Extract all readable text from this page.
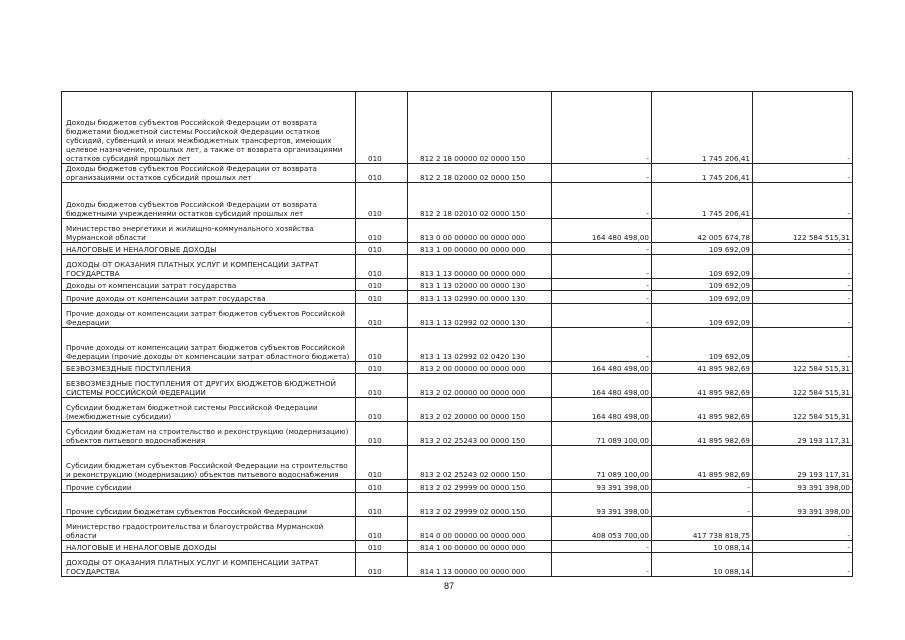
Доходы бюджетов субъектов Российской Федерации от возврата бюджетами бюджетной системы Российской Федерации остатков субсидий, субвенций и иных межбюджетных трансфертов, имеющих целевое назначение, прошлых лет, а также от возврата организациями остатков субсидий прошлых лет	010	812 2 18 00000 02 0000 150	-	1 745 206,41	-
Доходы бюджетов субъектов Российской Федерации от возврата организациями остатков субсидий прошлых лет	010	812 2 18 02000 02 0000 150	-	1 745 206,41	-
Доходы бюджетов субъектов Российской Федерации от возврата бюджетными учреждениями остатков субсидий прошлых лет	010	812 2 18 02010 02 0000 150	-	1 745 206,41	-
Министерство энергетики и жилищно-коммунального хозяйства Мурманской области	010	813 0 00 00000 00 0000 000	164 480 498,00	42 005 674,78	122 584 515,31
НАЛОГОВЫЕ И НЕНАЛОГОВЫЕ ДОХОДЫ	010	813 1 00 00000 00 0000 000	-	109 692,09	-
ДОХОДЫ ОТ ОКАЗАНИЯ ПЛАТНЫХ УСЛУГ И КОМПЕНСАЦИИ ЗАТРАТ ГОСУДАРСТВА	010	813 1 13 00000 00 0000 000	-	109 692,09	-
Доходы от компенсации затрат государства	010	813 1 13 02000 00 0000 130	-	109 692,09	-
Прочие доходы от компенсации затрат государства	010	813 1 13 02990 00 0000 130	-	109 692,09	-
Прочие доходы от компенсации затрат бюджетов субъектов Российской Федерации	010	813 1 13 02992 02 0000 130	-	109 692,09	-
Прочие доходы от компенсации затрат бюджетов субъектов Российской Федерации (прочие доходы от компенсации затрат областного бюджета)	010	813 1 13 02992 02 0420 130	-	109 692,09	-
БЕЗВОЗМЕЗДНЫЕ ПОСТУПЛЕНИЯ	010	813 2 00 00000 00 0000 000	164 480 498,00	41 895 982,69	122 584 515,31
БЕЗВОЗМЕЗДНЫЕ ПОСТУПЛЕНИЯ ОТ ДРУГИХ БЮДЖЕТОВ БЮДЖЕТНОЙ СИСТЕМЫ РОССИЙСКОЙ ФЕДЕРАЦИИ	010	813 2 02 00000 00 0000 000	164 480 498,00	41 895 982,69	122 584 515,31
Субсидии бюджетам бюджетной системы Российской Федерации (межбюджетные субсидии)	010	813 2 02 20000 00 0000 150	164 480 498,00	41 895 982,69	122 584 515,31
Субсидии бюджетам на строительство и реконструкцию (модернизацию) объектов питьевого водоснабжения	010	813 2 02 25243 00 0000 150	71 089 100,00	41 895 982,69	29 193 117,31
Субсидии бюджетам субъектов Российской Федерации на строительство и реконструкцию (модернизацию) объектов питьевого водоснабжения	010	813 2 02 25243 02 0000 150	71 089 100,00	41 895 982,69	29 193 117,31
Прочие субсидии	010	813 2 02 29999 00 0000 150	93 391 398,00	-	93 391 398,00
Прочие субсидии бюджетам субъектов Российской Федерации	010	813 2 02 29999 02 0000 150	93 391 398,00	-	93 391 398,00
Министерство градостроительства и благоустройства Мурманской области	010	814 0 00 00000 00 0000 000	408 053 700,00	417 738 818,75	-
НАЛОГОВЫЕ И НЕНАЛОГОВЫЕ ДОХОДЫ	010	814 1 00 00000 00 0000 000	-	10 088,14	-
ДОХОДЫ ОТ ОКАЗАНИЯ ПЛАТНЫХ УСЛУГ И КОМПЕНСАЦИИ ЗАТРАТ ГОСУДАРСТВА	010	814 1 13 00000 00 0000 000	-	10 088,14	-
87
